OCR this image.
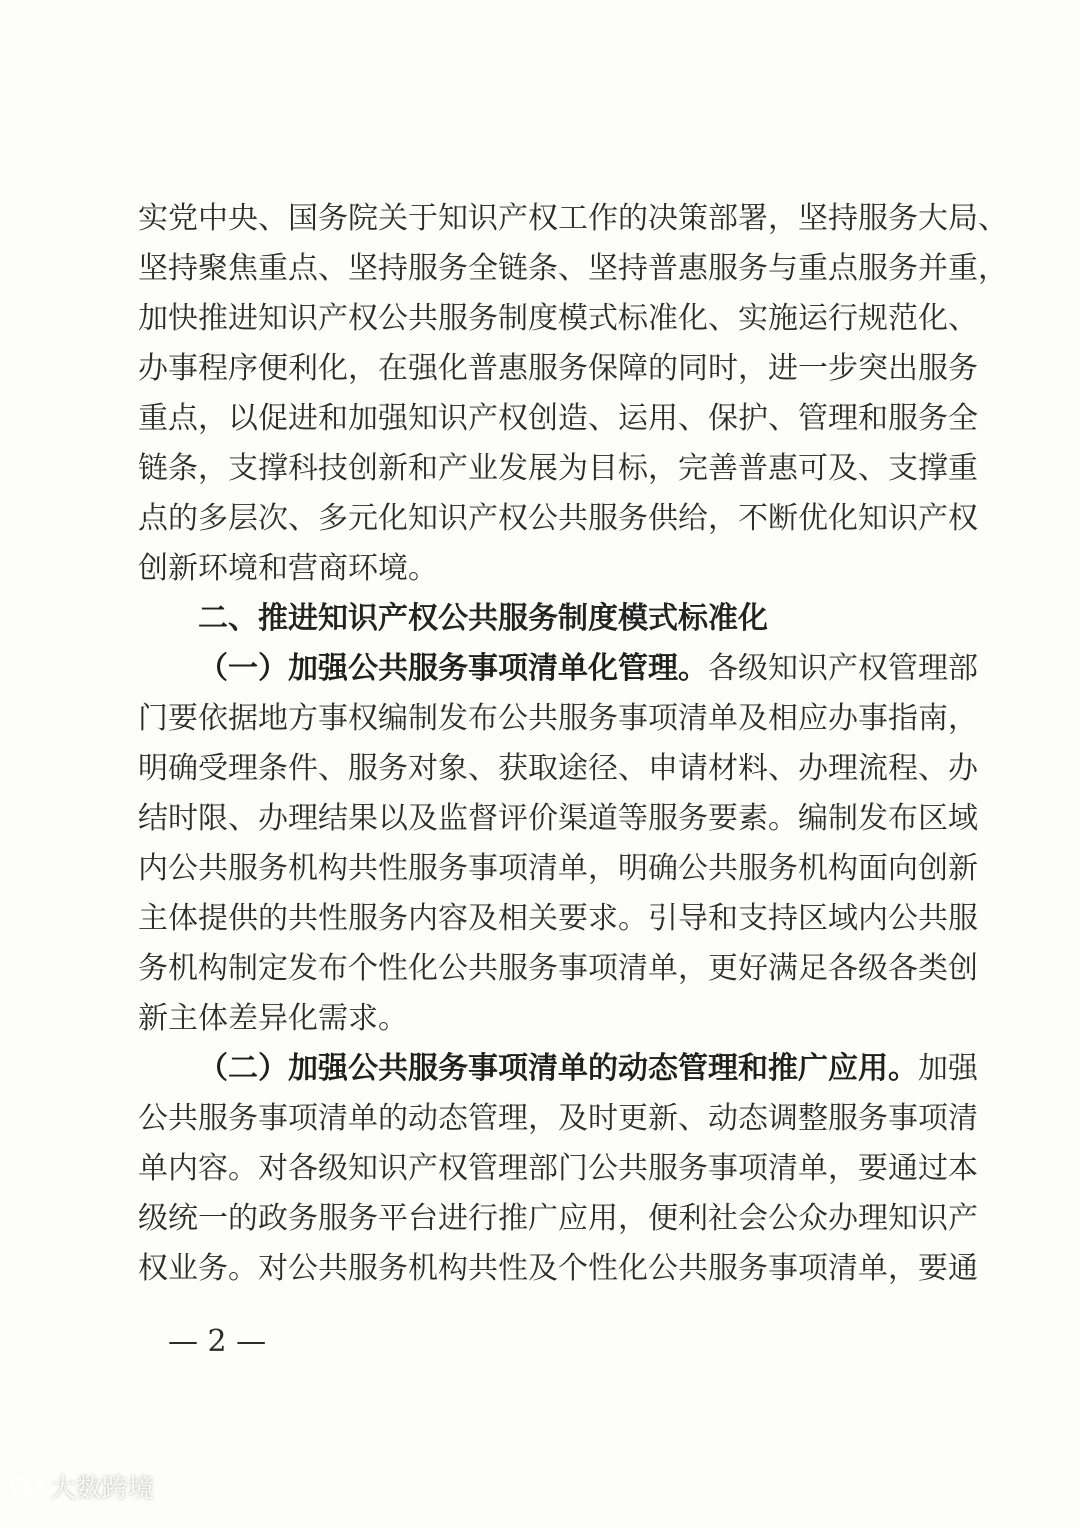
实党中央、国务院关于知识产权工作的决策部署，坚持服务大局、
坚持聚焦重点、坚持服务全链条、坚持普惠服务与重点服务并重，
加快推进知识产权公共服务制度模式标准化、实施运行规范化、
办事程序便利化，在强化普惠服务保障的同时，进一步突出服务
重点，以促进和加强知识产权创造、运用、保护、管理和服务全
链条，支撑科技创新和产业发展为目标，完善普惠可及、支撑重
点的多层次、多元化知识产权公共服务供给，不断优化知识产权
创新环境和营商环境。
二、推进知识产权公共服务制度模式标准化
（一）加强公共服务事项清单化管理。各级知识产权管理部
门要依据地方事权编制发布公共服务事项清单及相应办事指南，
明确受理条件、服务对象、获取途径、申请材料、办理流程、办
结时限、办理结果以及监督评价渠道等服务要素。编制发布区域
内公共服务机构共性服务事项清单，明确公共服务机构面向创新
主体提供的共性服务内容及相关要求。引导和支持区域内公共服
务机构制定发布个性化公共服务事项清单，更好满足各级各类创
新主体差异化需求。
（二）加强公共服务事项清单的动态管理和推广应用。加强
公共服务事项清单的动态管理，及时更新、动态调整服务事项清
单内容。对各级知识产权管理部门公共服务事项清单，要通过本
级统一的政务服务平台进行推广应用，便利社会公众办理知识产
权业务。对公共服务机构共性及个性化公共服务事项清单，要通
— 2 —
大数跨境
